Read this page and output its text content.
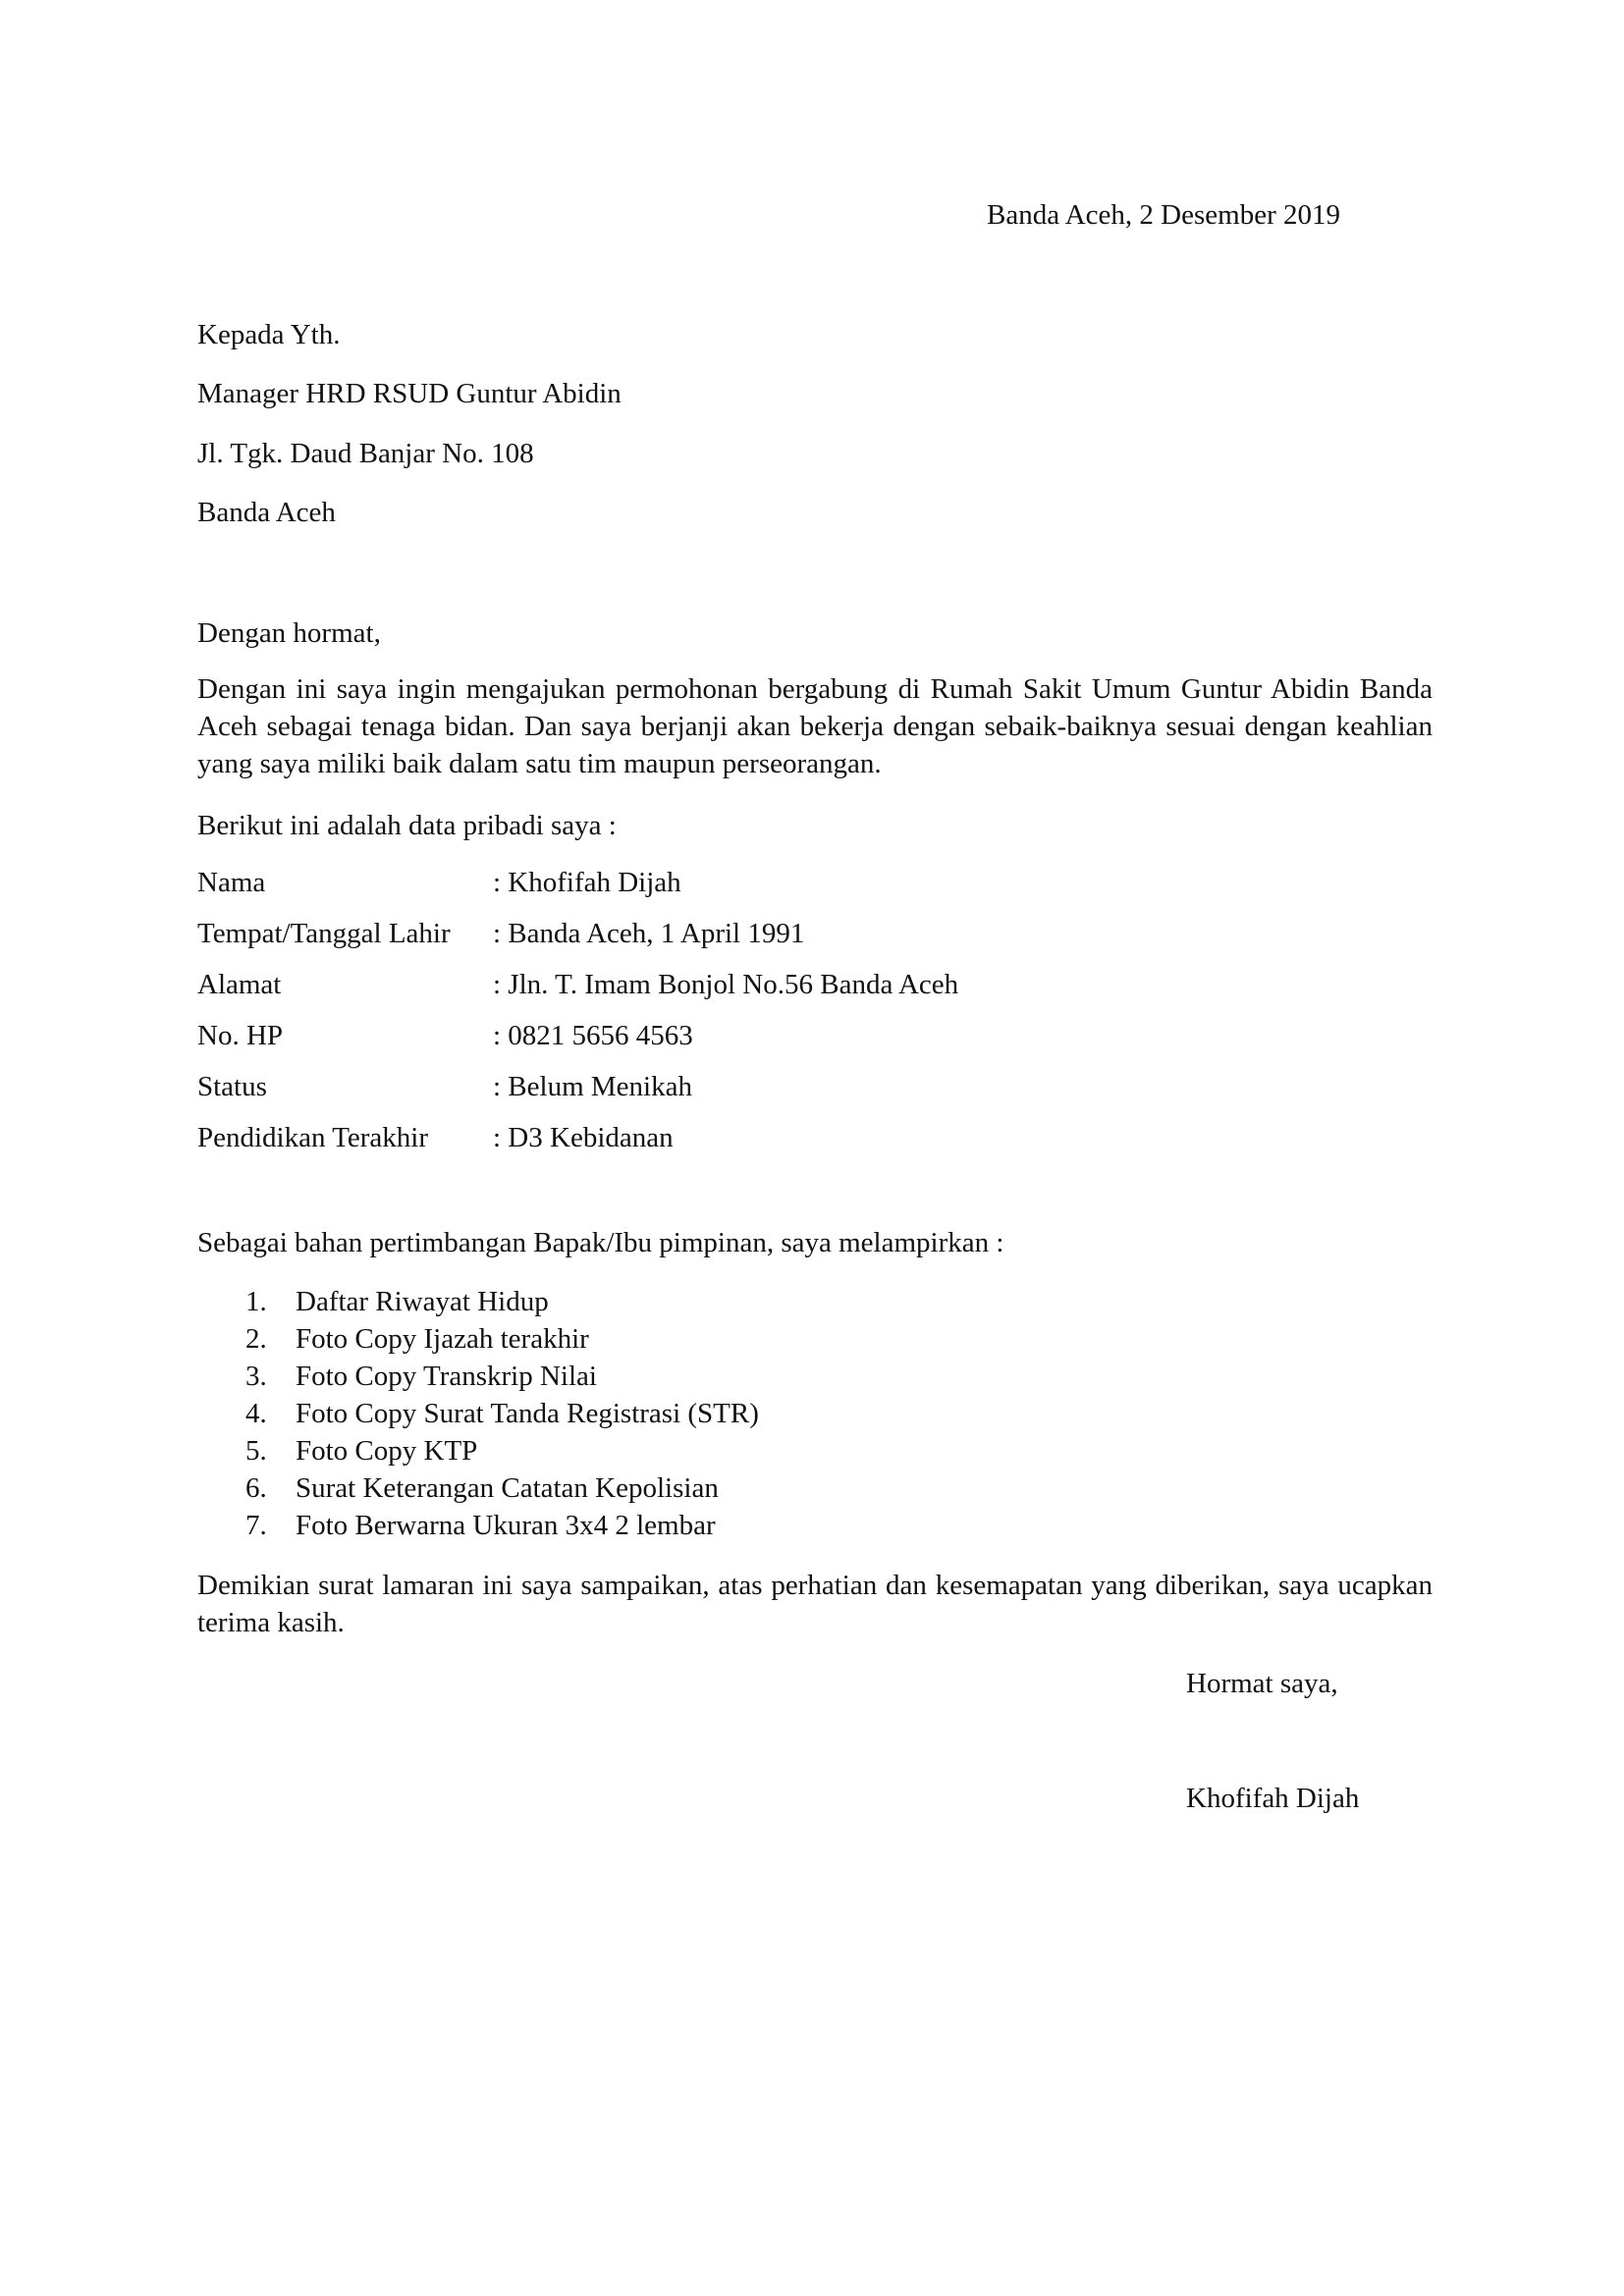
Banda Aceh, 2 Desember 2019
Kepada Yth.
Manager HRD RSUD Guntur Abidin
Jl. Tgk. Daud Banjar No. 108
Banda Aceh
Dengan hormat,
Dengan ini saya ingin mengajukan permohonan bergabung di Rumah Sakit Umum Guntur Abidin Banda Aceh sebagai tenaga bidan. Dan saya berjanji akan bekerja dengan sebaik-baiknya sesuai dengan keahlian yang saya miliki baik dalam satu tim maupun perseorangan.
Berikut ini adalah data pribadi saya :
Nama	: Khofifah Dijah
Tempat/Tanggal Lahir : Banda Aceh, 1 April 1991
Alamat	: Jln. T. Imam Bonjol No.56 Banda Aceh
No. HP	: 0821 5656 4563
Status	: Belum Menikah
Pendidikan Terakhir : D3 Kebidanan
Sebagai bahan pertimbangan Bapak/Ibu pimpinan, saya melampirkan :
1. Daftar Riwayat Hidup
2. Foto Copy Ijazah terakhir
3. Foto Copy Transkrip Nilai
4. Foto Copy Surat Tanda Registrasi (STR)
5. Foto Copy KTP
6. Surat Keterangan Catatan Kepolisian
7. Foto Berwarna Ukuran 3x4 2 lembar
Demikian surat lamaran ini saya sampaikan, atas perhatian dan kesemapatan yang diberikan, saya ucapkan terima kasih.
Hormat saya,
Khofifah Dijah
